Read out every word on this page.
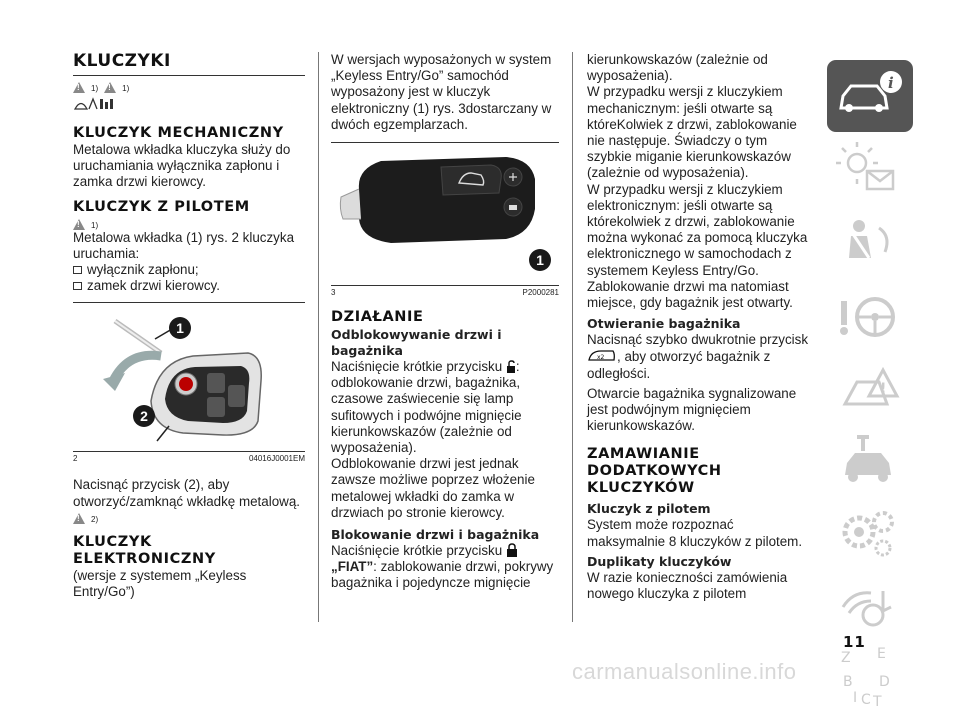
KLUCZYKI
!
1)
!	1)
KLUCZYK MECHANICZNY
Metalowa wkładka kluczyka służy do uruchamiania wyłącznika zapłonu i zamka drzwi kierowcy.
KLUCZYK Z PILOTEM
!
1)
Metalowa wkładka (1) rys. 2 kluczyka uruchamia:
wyłącznik zapłonu;
zamek drzwi kierowcy.
1
2
2	04016J0001EM
Nacisnąć przycisk (2), aby otworzyć/zamknąć wkładkę metalową.
!
2)
KLUCZYK
ELEKTRONICZNY
(wersje z systemem „Keyless Entry/Go”)
W wersjach wyposażonych w system „Keyless Entry/Go” samochód wyposażony jest w kluczyk elektroniczny (1) rys. 3dostarczany w dwóch egzemplarzach.
1
3	P2000281
DZIAŁANIE
Odblokowywanie drzwi i bagażnika
Naciśnięcie krótkie przycisku : odblokowanie drzwi, bagażnika, czasowe zaświecenie się lamp sufitowych i podwójne mignięcie kierunkowskazów (zależnie od wyposażenia).
Odblokowanie drzwi jest jednak zawsze możliwe poprzez włożenie metalowej wkładki do zamka w drzwiach po stronie kierowcy.
Blokowanie drzwi i bagażnika
Naciśnięcie krótkie przycisku
„FIAT”: zablokowanie drzwi, pokrywy bagażnika i pojedyncze mignięcie
kierunkowskazów (zależnie od wyposażenia).
W przypadku wersji z kluczykiem mechanicznym: jeśli otwarte są któreKolwiek z drzwi, zablokowanie nie następuje. Świadczy o tym szybkie miganie kierunkowskazów (zależnie od wyposażenia).
W przypadku wersji z kluczykiem elektronicznym: jeśli otwarte są którekolwiek z drzwi, zablokowanie można wykonać za pomocą kluczyka elektronicznego w samochodach z systemem Keyless Entry/Go.
Zablokowanie drzwi ma natomiast miejsce, gdy bagażnik jest otwarty.
Otwieranie bagażnika
Nacisnąć szybko dwukrotnie przycisk

x2 , aby otworzyć bagażnik z odległości.
Otwarcie bagażnika sygnalizowane jest podwójnym mignięciem kierunkowskazów.
ZAMAWIANIE
DODATKOWYCH
KLUCZYKÓW
Kluczyk z pilotem
System może rozpoznać maksymalnie 8 kluczyków z pilotem.
Duplikaty kluczyków
W razie konieczności zamówienia nowego kluczyka z pilotem
i
!
Z E
B D
I C T
11
carmanualsonline.info
